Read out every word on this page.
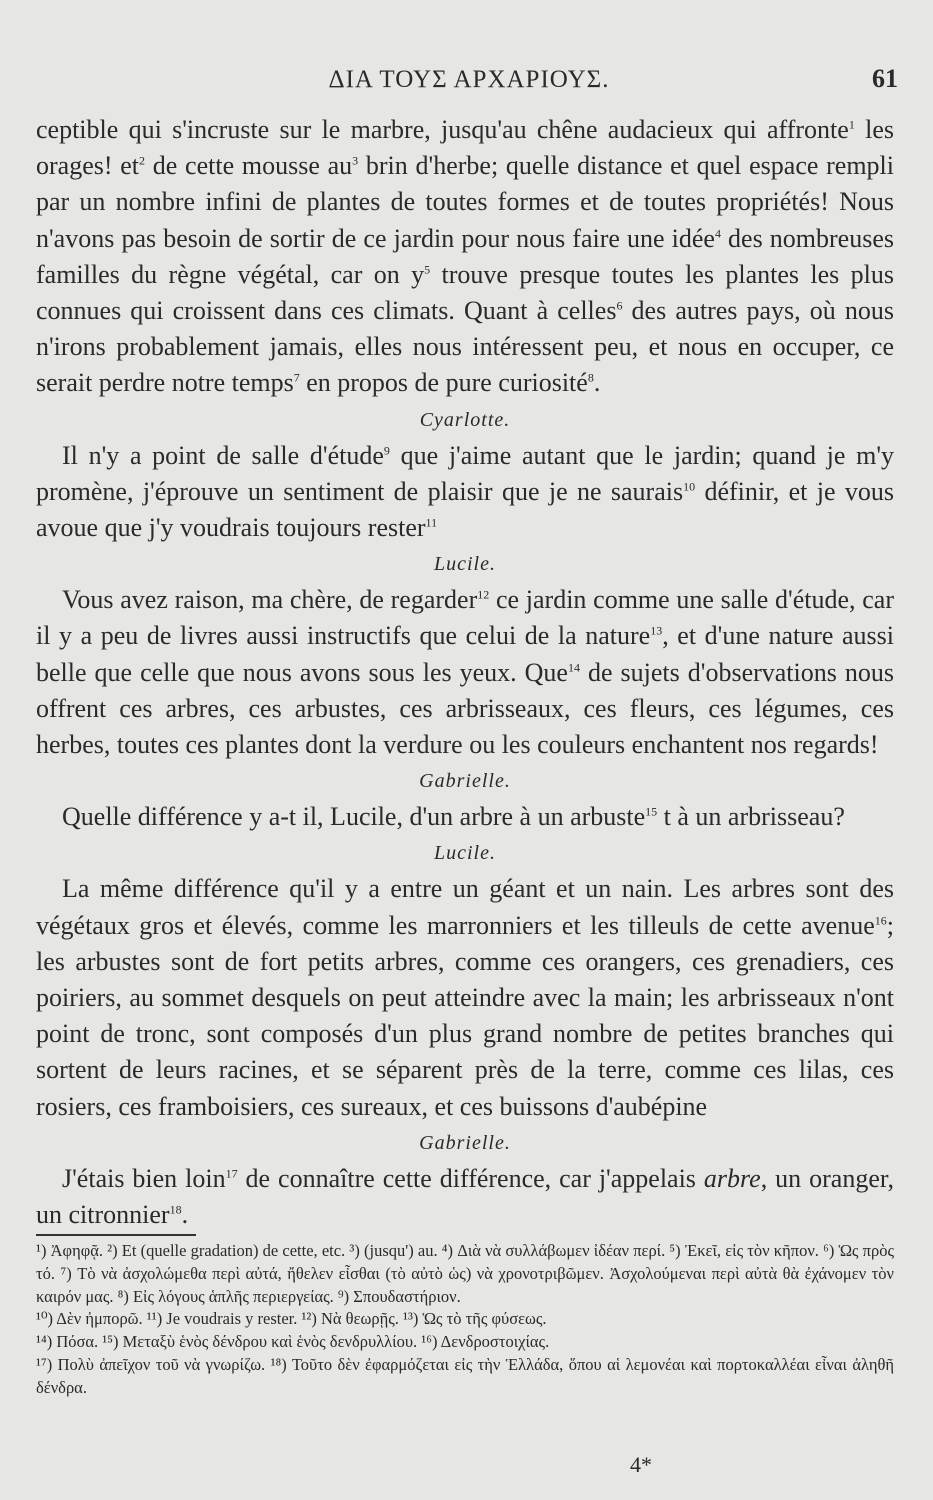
ΔΙΑ ΤΟΥΣ ΑΡΧΑΡΙΟΥΣ.	61

ceptible qui s'incruste sur le marbre, jusqu'au chêne audacieux qui affronte$^1$ les orages! $et^2$ de cette mousse $au^3$ brin d'herbe; quelle distance et quel espace rempli par un nombre infini de plantes de toutes formes et de toutes propriétés! Nous n'avons pas besoin de sortir de ce jardin pour nous faire une idée$^4$ des nombreuses familles du règne végétal, car on $y^5$ trouve presque toutes les plantes les plus connues qui croissent dans ces climats. Quant à celles$^6$ des autres pays, où nous n'irons probablement jamais, elles nous intéressent peu, et nous en occuper, ce serait perdre notre temps$^7$ en propos de pure curiosité$^8$.

Cyarlotte.

Il n'y a point de salle d'étude$^9$ que j'aime autant que le jardin; quand je m'y promène, j'éprouve un sentiment de plaisir que je ne saurais$^{10}$ définir, et je vous avoue que j'y voudrais toujours rester$^{11}$

Lucile.

Vous avez raison, ma chère, de regarder$^{12}$ ce jardin comme une salle d'étude, car il y a peu de livres aussi instructifs que celui de la nature$^{13}$, et d'une nature aussi belle que celle que nous avons sous les yeux. Que$^{14}$ de sujets d'observations nous offrent ces arbres, ces arbustes, ces arbrisseaux, ces fleurs, ces légumes, ces herbes, toutes ces plantes dont la verdure ou les couleurs enchantent nos regards!

Gabrielle.

Quelle différence y a-t il, Lucile, d'un arbre à un arbuste$^{15}$ t à un arbrisseau?

Lucile.

La même différence qu'il y a entre un géant et un nain. Les arbres sont des végétaux gros et élevés, comme les marronniers et les tilleuls de cette avenue$^{16}$; les arbustes sont de fort petits arbres, comme ces orangers, ces grenadiers, ces poiriers, au sommet desquels on peut atteindre avec la main; les arbrisseaux n'ont point de tronc, sont composés d'un plus grand nombre de petites branches qui sortent de leurs racines, et se séparent près de la terre, comme ces lilas, ces rosiers, ces framboisiers, ces sureaux, et ces buissons d'aubépine

Gabrielle.

J'étais bien loin$^{17}$ de connaître cette différence, car j'appelais arbre, un oranger, un citronnier$^{18}$.

¹) Ἀφηφᾷ. ²) Et (quelle gradation) de cette, etc. ³) (jusqu') au. ⁴) Διὰ νὰ συλλάβωμεν ἰδέαν περί. ⁵) Ἐκεῖ, εἰς τὸν κῆπον. ⁶) Ὡς πρὸς τό. ⁷) Τὸ νὰ ἀσχολώμεθα περὶ αὐτά, ἤθελεν εἶσθαι (τὸ αὐτὸ ὡς) νὰ χρονοτριβῶμεν. Ἀσχολούμεναι περὶ αὐτὰ θὰ ἐχάνομεν τὸν καιρόν μας. ⁸) Εἰς λόγους ἁπλῆς περιεργείας. ⁹) Σπουδαστήριον.

¹⁰) Δὲν ἠμπορῶ. ¹¹) Je voudrais y rester. ¹²) Νὰ θεωρῇς. ¹³) Ὡς τὸ τῆς φύσεως.

¹⁴) Πόσα. ¹⁵) Μεταξὺ ἑνὸς δένδρου καὶ ἑνὸς δενδρυλλίου. ¹⁶) Δενδροστοιχίας.

¹⁷) Πολὺ ἀπεῖχον τοῦ νὰ γνωρίζω. ¹⁸) Τοῦτο δὲν ἐφαρμόζεται εἰς τὴν Ἑλλάδα, ὅπου αἱ λεμονέαι καὶ πορτοκαλλέαι εἶναι ἀληθῆ δένδρα.

4*
